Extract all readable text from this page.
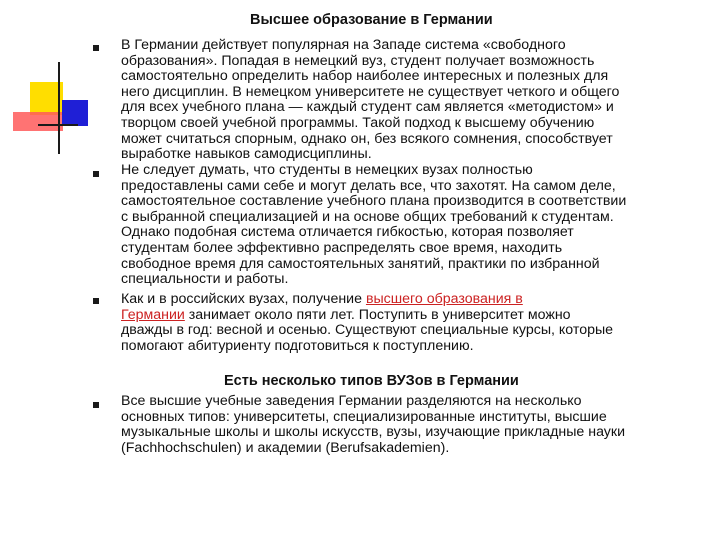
Высшее образование в Германии
В Германии действует популярная на Западе система «свободного
образования». Попадая в немецкий вуз, студент получает возможность
самостоятельно определить набор наиболее интересных и полезных для
него дисциплин. В немецком университете не существует четкого и общего
для всех учебного плана — каждый студент сам является «методистом» и
творцом своей учебной программы. Такой подход к высшему обучению
может считаться спорным, однако он, без всякого сомнения, способствует
выработке навыков самодисциплины.
Не следует думать, что студенты в немецких вузах полностью
предоставлены сами себе и могут делать все, что захотят. На самом деле,
самостоятельное составление учебного плана производится в соответствии
с выбранной специализацией и на основе общих требований к студентам.
Однако подобная система отличается гибкостью, которая позволяет
студентам более эффективно распределять свое время, находить
свободное время для самостоятельных занятий, практики по избранной
специальности и работы.
Как и в российских вузах, получение высшего образования в
Германии занимает около пяти лет. Поступить в университет можно
дважды в год: весной и осенью. Существуют специальные курсы, которые
помогают абитуриенту подготовиться к поступлению.
Есть несколько типов ВУЗов в Германии
Все высшие учебные заведения Германии разделяются на несколько
основных типов: университеты, специализированные институты, высшие
музыкальные школы и школы искусств, вузы, изучающие прикладные науки
(Fachhochschulen) и академии (Berufsakademien).
